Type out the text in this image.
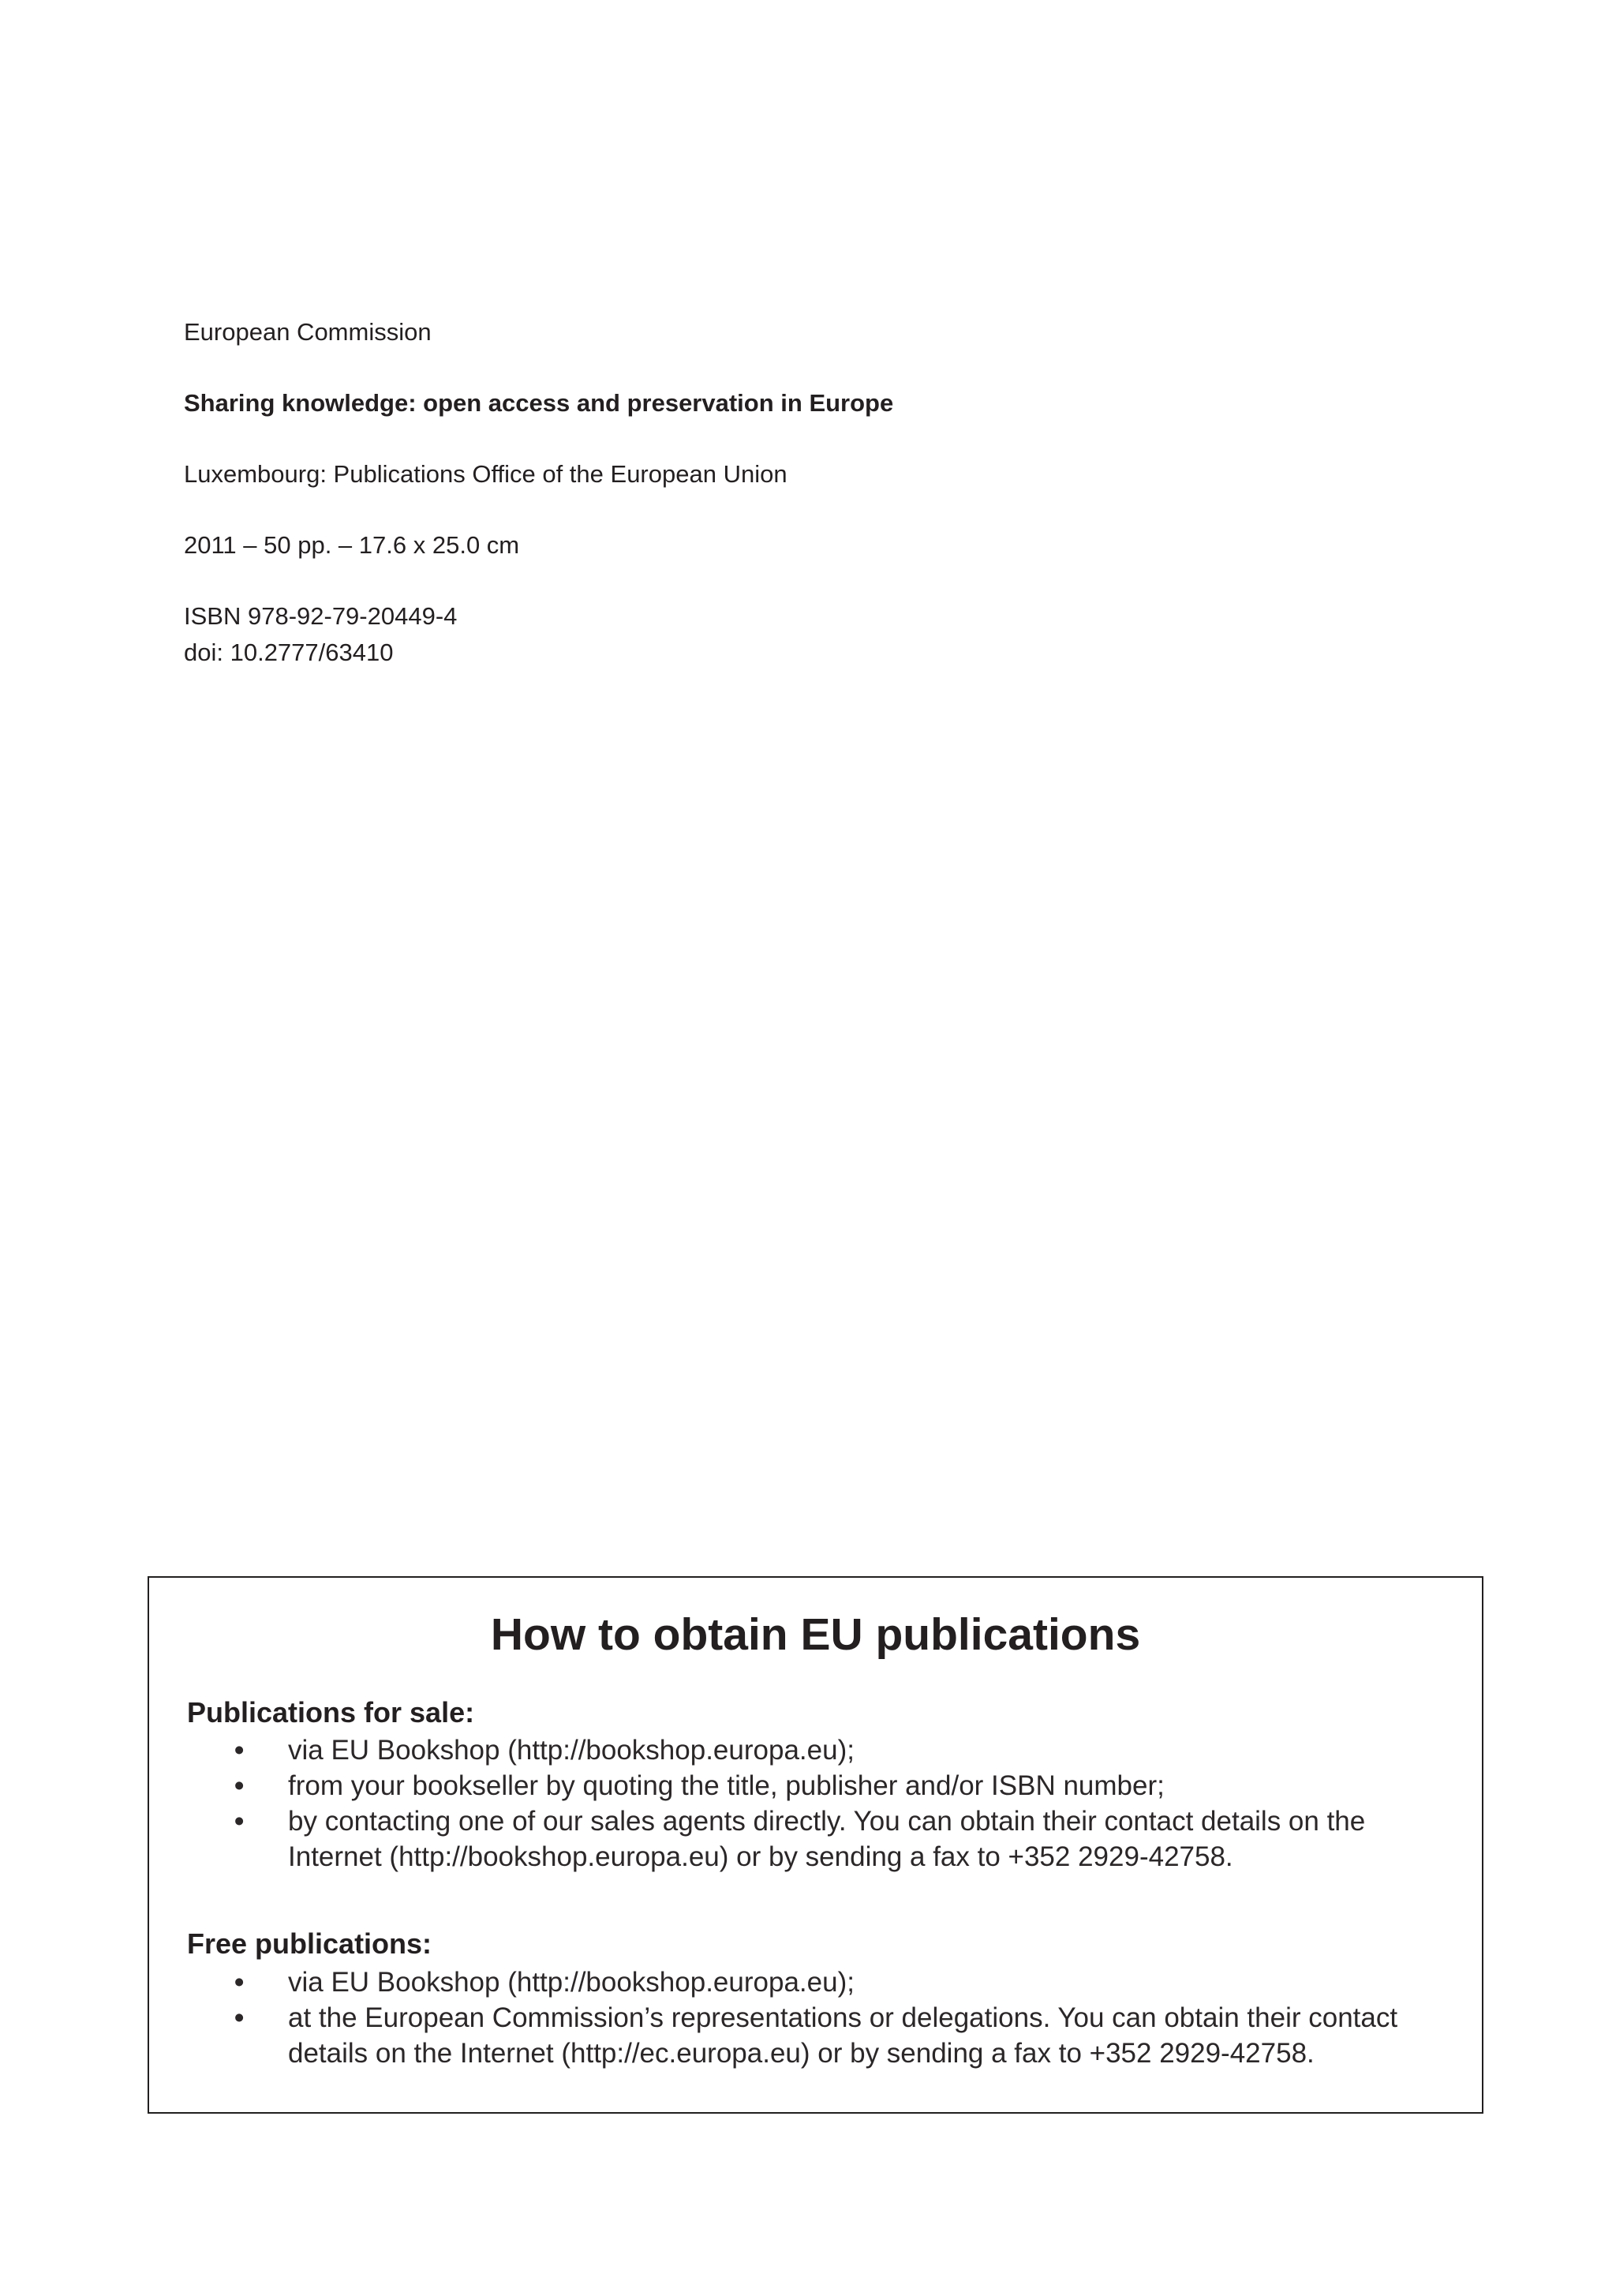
European Commission

Sharing knowledge: open access and preservation in Europe

Luxembourg: Publications Office of the European Union

2011 – 50 pp. – 17.6 x 25.0 cm

ISBN 978-92-79-20449-4

doi: 10.2777/63410

How to obtain EU publications
Publications for sale:
• via EU Bookshop (http://bookshop.europa.eu);
• from your bookseller by quoting the title, publisher and/or ISBN number;
• by contacting one of our sales agents directly. You can obtain their contact details on the Internet (http://bookshop.europa.eu) or by sending a fax to +352 2929-42758.
Free publications:
• via EU Bookshop (http://bookshop.europa.eu);
• at the European Commission’s representations or delegations. You can obtain their contact details on the Internet (http://ec.europa.eu) or by sending a fax to +352 2929-42758.
